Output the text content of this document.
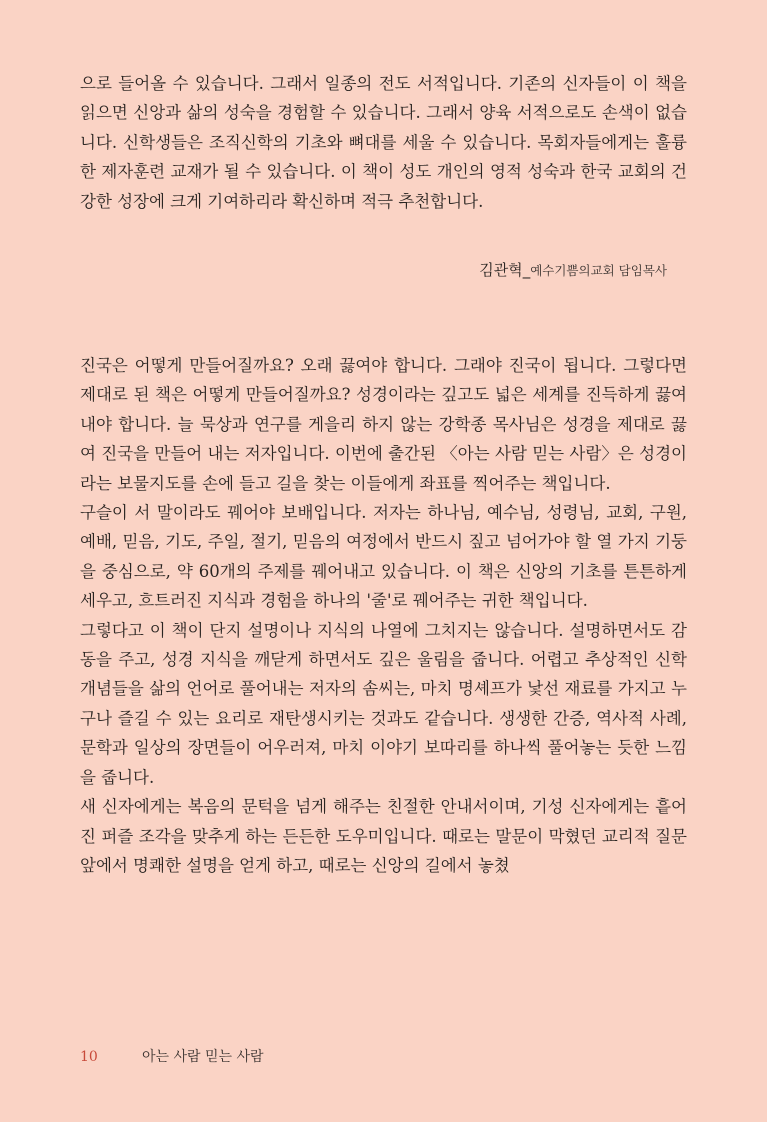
으로 들어올 수 있습니다. 그래서 일종의 전도 서적입니다. 기존의 신자들이 이 책을 읽으면 신앙과 삶의 성숙을 경험할 수 있습니다. 그래서 양육 서적으로도 손색이 없습니다. 신학생들은 조직신학의 기초와 뼈대를 세울 수 있습니다. 목회자들에게는 훌륭한 제자훈련 교재가 될 수 있습니다. 이 책이 성도 개인의 영적 성숙과 한국 교회의 건강한 성장에 크게 기여하리라 확신하며 적극 추천합니다.

김관혁_예수기쁨의교회 담임목사

진국은 어떻게 만들어질까요? 오래 끓여야 합니다. 그래야 진국이 됩니다. 그렇다면 제대로 된 책은 어떻게 만들어질까요? 성경이라는 깊고도 넓은 세계를 진득하게 끓여내야 합니다. 늘 묵상과 연구를 게을리 하지 않는 강학종 목사님은 성경을 제대로 끓여 진국을 만들어 내는 저자입니다. 이번에 출간된 〈아는 사람 믿는 사람〉은 성경이라는 보물지도를 손에 들고 길을 찾는 이들에게 좌표를 찍어주는 책입니다.

구슬이 서 말이라도 꿰어야 보배입니다. 저자는 하나님, 예수님, 성령님, 교회, 구원, 예배, 믿음, 기도, 주일, 절기, 믿음의 여정에서 반드시 짚고 넘어가야 할 열 가지 기둥을 중심으로, 약 60개의 주제를 꿰어내고 있습니다. 이 책은 신앙의 기초를 튼튼하게 세우고, 흐트러진 지식과 경험을 하나의 '줄'로 꿰어주는 귀한 책입니다.

그렇다고 이 책이 단지 설명이나 지식의 나열에 그치지는 않습니다. 설명하면서도 감동을 주고, 성경 지식을 깨닫게 하면서도 깊은 울림을 줍니다. 어렵고 추상적인 신학 개념들을 삶의 언어로 풀어내는 저자의 솜씨는, 마치 명셰프가 낯선 재료를 가지고 누구나 즐길 수 있는 요리로 재탄생시키는 것과도 같습니다. 생생한 간증, 역사적 사례, 문학과 일상의 장면들이 어우러져, 마치 이야기 보따리를 하나씩 풀어놓는 듯한 느낌을 줍니다.

새 신자에게는 복음의 문턱을 넘게 해주는 친절한 안내서이며, 기성 신자에게는 흩어진 퍼즐 조각을 맞추게 하는 든든한 도우미입니다. 때로는 말문이 막혔던 교리적 질문 앞에서 명쾌한 설명을 얻게 하고, 때로는 신앙의 길에서 놓쳤

10	아는 사람 믿는 사람
